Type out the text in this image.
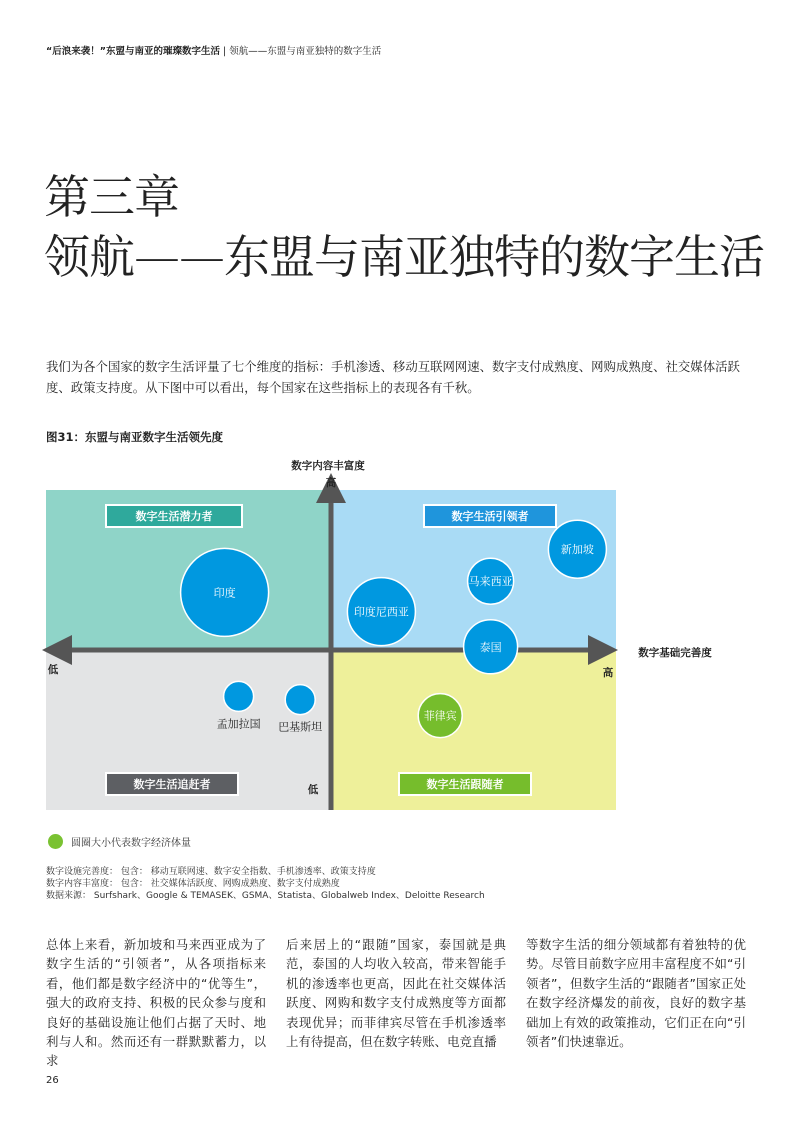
“后浪来袭！”东盟与南亚的璀璨数字生活 | 领航——东盟与南亚独特的数字生活
第三章
领航——东盟与南亚独特的数字生活
我们为各个国家的数字生活评量了七个维度的指标：手机渗透、移动互联网网速、数字支付成熟度、网购成熟度、社交媒体活跃度、政策支持度。从下图中可以看出，每个国家在这些指标上的表现各有千秋。
图31：东盟与南亚数字生活领先度
数字内容丰富度
高
低
数字基础完善度
高
低
数字生活潜力者	数字生活引领者
数字生活追赶者	数字生活跟随者
印度
印度尼西亚
马来西亚
新加坡
泰国
菲律宾
孟加拉国 巴基斯坦
圆圈大小代表数字经济体量
数字设施完善度： 包含： 移动互联网速、数字安全指数、手机渗透率、政策支持度
数字内容丰富度： 包含： 社交媒体活跃度、网购成熟度、数字支付成熟度
数据来源： Surfshark、Google & TEMASEK、GSMA、Statista、Globalweb Index、Deloitte Research
总体上来看，新加坡和马来西亚成为了数字生活的“引领者”，从各项指标来看，他们都是数字经济中的“优等生”，强大的政府支持、积极的民众参与度和良好的基础设施让他们占据了天时、地利与人和。然而还有一群默默蓄力，以求
后来居上的“跟随”国家，泰国就是典范，泰国的人均收入较高，带来智能手机的渗透率也更高，因此在社交媒体活跃度、网购和数字支付成熟度等方面都表现优异；而菲律宾尽管在手机渗透率上有待提高，但在数字转账、电竞直播
等数字生活的细分领域都有着独特的优势。尽管目前数字应用丰富程度不如“引领者”，但数字生活的“跟随者”国家正处在数字经济爆发的前夜，良好的数字基础加上有效的政策推动，它们正在向“引领者”们快速靠近。
26
